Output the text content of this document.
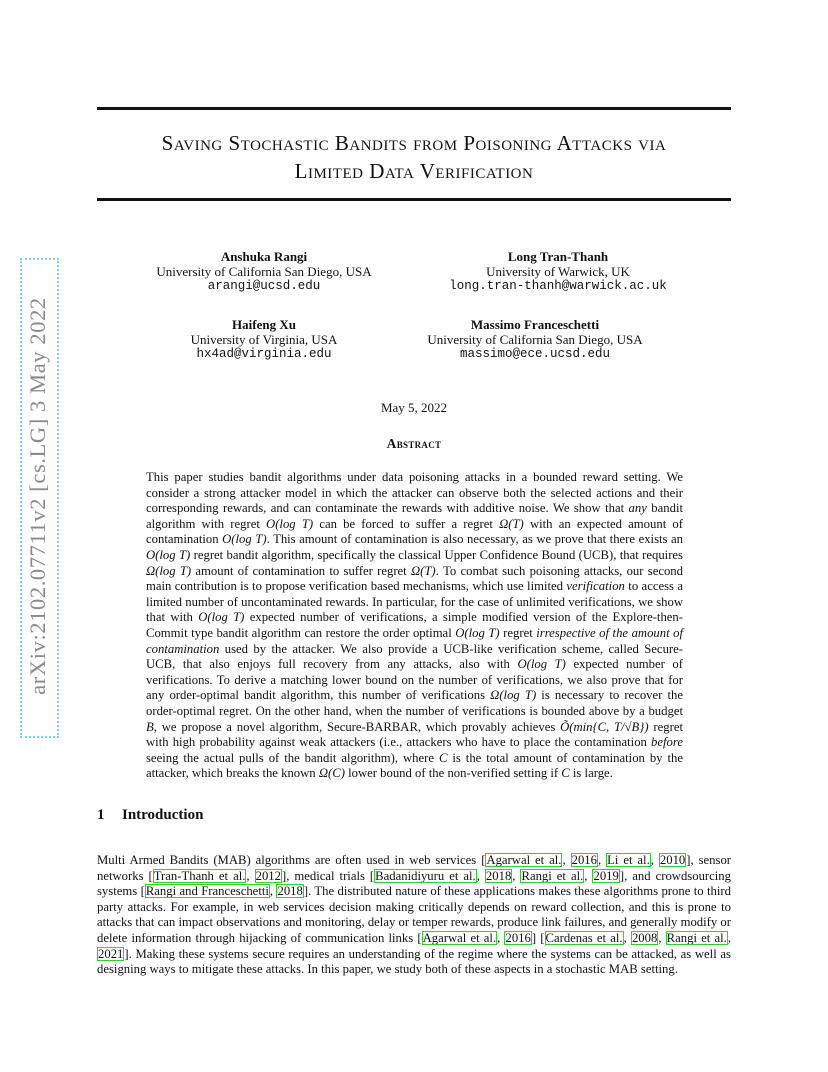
arXiv:2102.07711v2 [cs.LG] 3 May 2022
Saving Stochastic Bandits from Poisoning Attacks via
Limited Data Verification
Anshuka Rangi
University of California San Diego, USA
arangi@ucsd.edu
Long Tran-Thanh
University of Warwick, UK
long.tran-thanh@warwick.ac.uk
Haifeng Xu
University of Virginia, USA
hx4ad@virginia.edu
Massimo Franceschetti
University of California San Diego, USA
massimo@ece.ucsd.edu
May 5, 2022
Abstract
This paper studies bandit algorithms under data poisoning attacks in a bounded reward setting. We consider a strong attacker model in which the attacker can observe both the selected actions and their corresponding rewards, and can contaminate the rewards with additive noise. We show that any bandit algorithm with regret O(log T) can be forced to suffer a regret Ω(T) with an expected amount of contamination O(log T). This amount of contamination is also necessary, as we prove that there exists an O(log T) regret bandit algorithm, specifically the classical Upper Confidence Bound (UCB), that requires Ω(log T) amount of contamination to suffer regret Ω(T). To combat such poisoning attacks, our second main contribution is to propose verification based mechanisms, which use limited verification to access a limited number of uncontaminated rewards. In particular, for the case of unlimited verifications, we show that with O(log T) expected number of verifications, a simple modified version of the Explore-then-Commit type bandit algorithm can restore the order optimal O(log T) regret irrespective of the amount of contamination used by the attacker. We also provide a UCB-like verification scheme, called Secure-UCB, that also enjoys full recovery from any attacks, also with O(log T) expected number of verifications. To derive a matching lower bound on the number of verifications, we also prove that for any order-optimal bandit algorithm, this number of verifications Ω(log T) is necessary to recover the order-optimal regret. On the other hand, when the number of verifications is bounded above by a budget B, we propose a novel algorithm, Secure-BARBAR, which provably achieves Õ(min{C, T/√B}) regret with high probability against weak attackers (i.e., attackers who have to place the contamination before seeing the actual pulls of the bandit algorithm), where C is the total amount of contamination by the attacker, which breaks the known Ω(C) lower bound of the non-verified setting if C is large.
1 Introduction
Multi Armed Bandits (MAB) algorithms are often used in web services [Agarwal et al., 2016, Li et al., 2010], sensor networks [Tran-Thanh et al., 2012], medical trials [Badanidiyuru et al., 2018, Rangi et al., 2019], and crowdsourcing systems [Rangi and Franceschetti, 2018]. The distributed nature of these applications makes these algorithms prone to third party attacks. For example, in web services decision making critically depends on reward collection, and this is prone to attacks that can impact observations and monitoring, delay or temper rewards, produce link failures, and generally modify or delete information through hijacking of communication links [Agarwal et al., 2016] [Cardenas et al., 2008, Rangi et al., 2021]. Making these systems secure requires an understanding of the regime where the systems can be attacked, as well as designing ways to mitigate these attacks. In this paper, we study both of these aspects in a stochastic MAB setting.
